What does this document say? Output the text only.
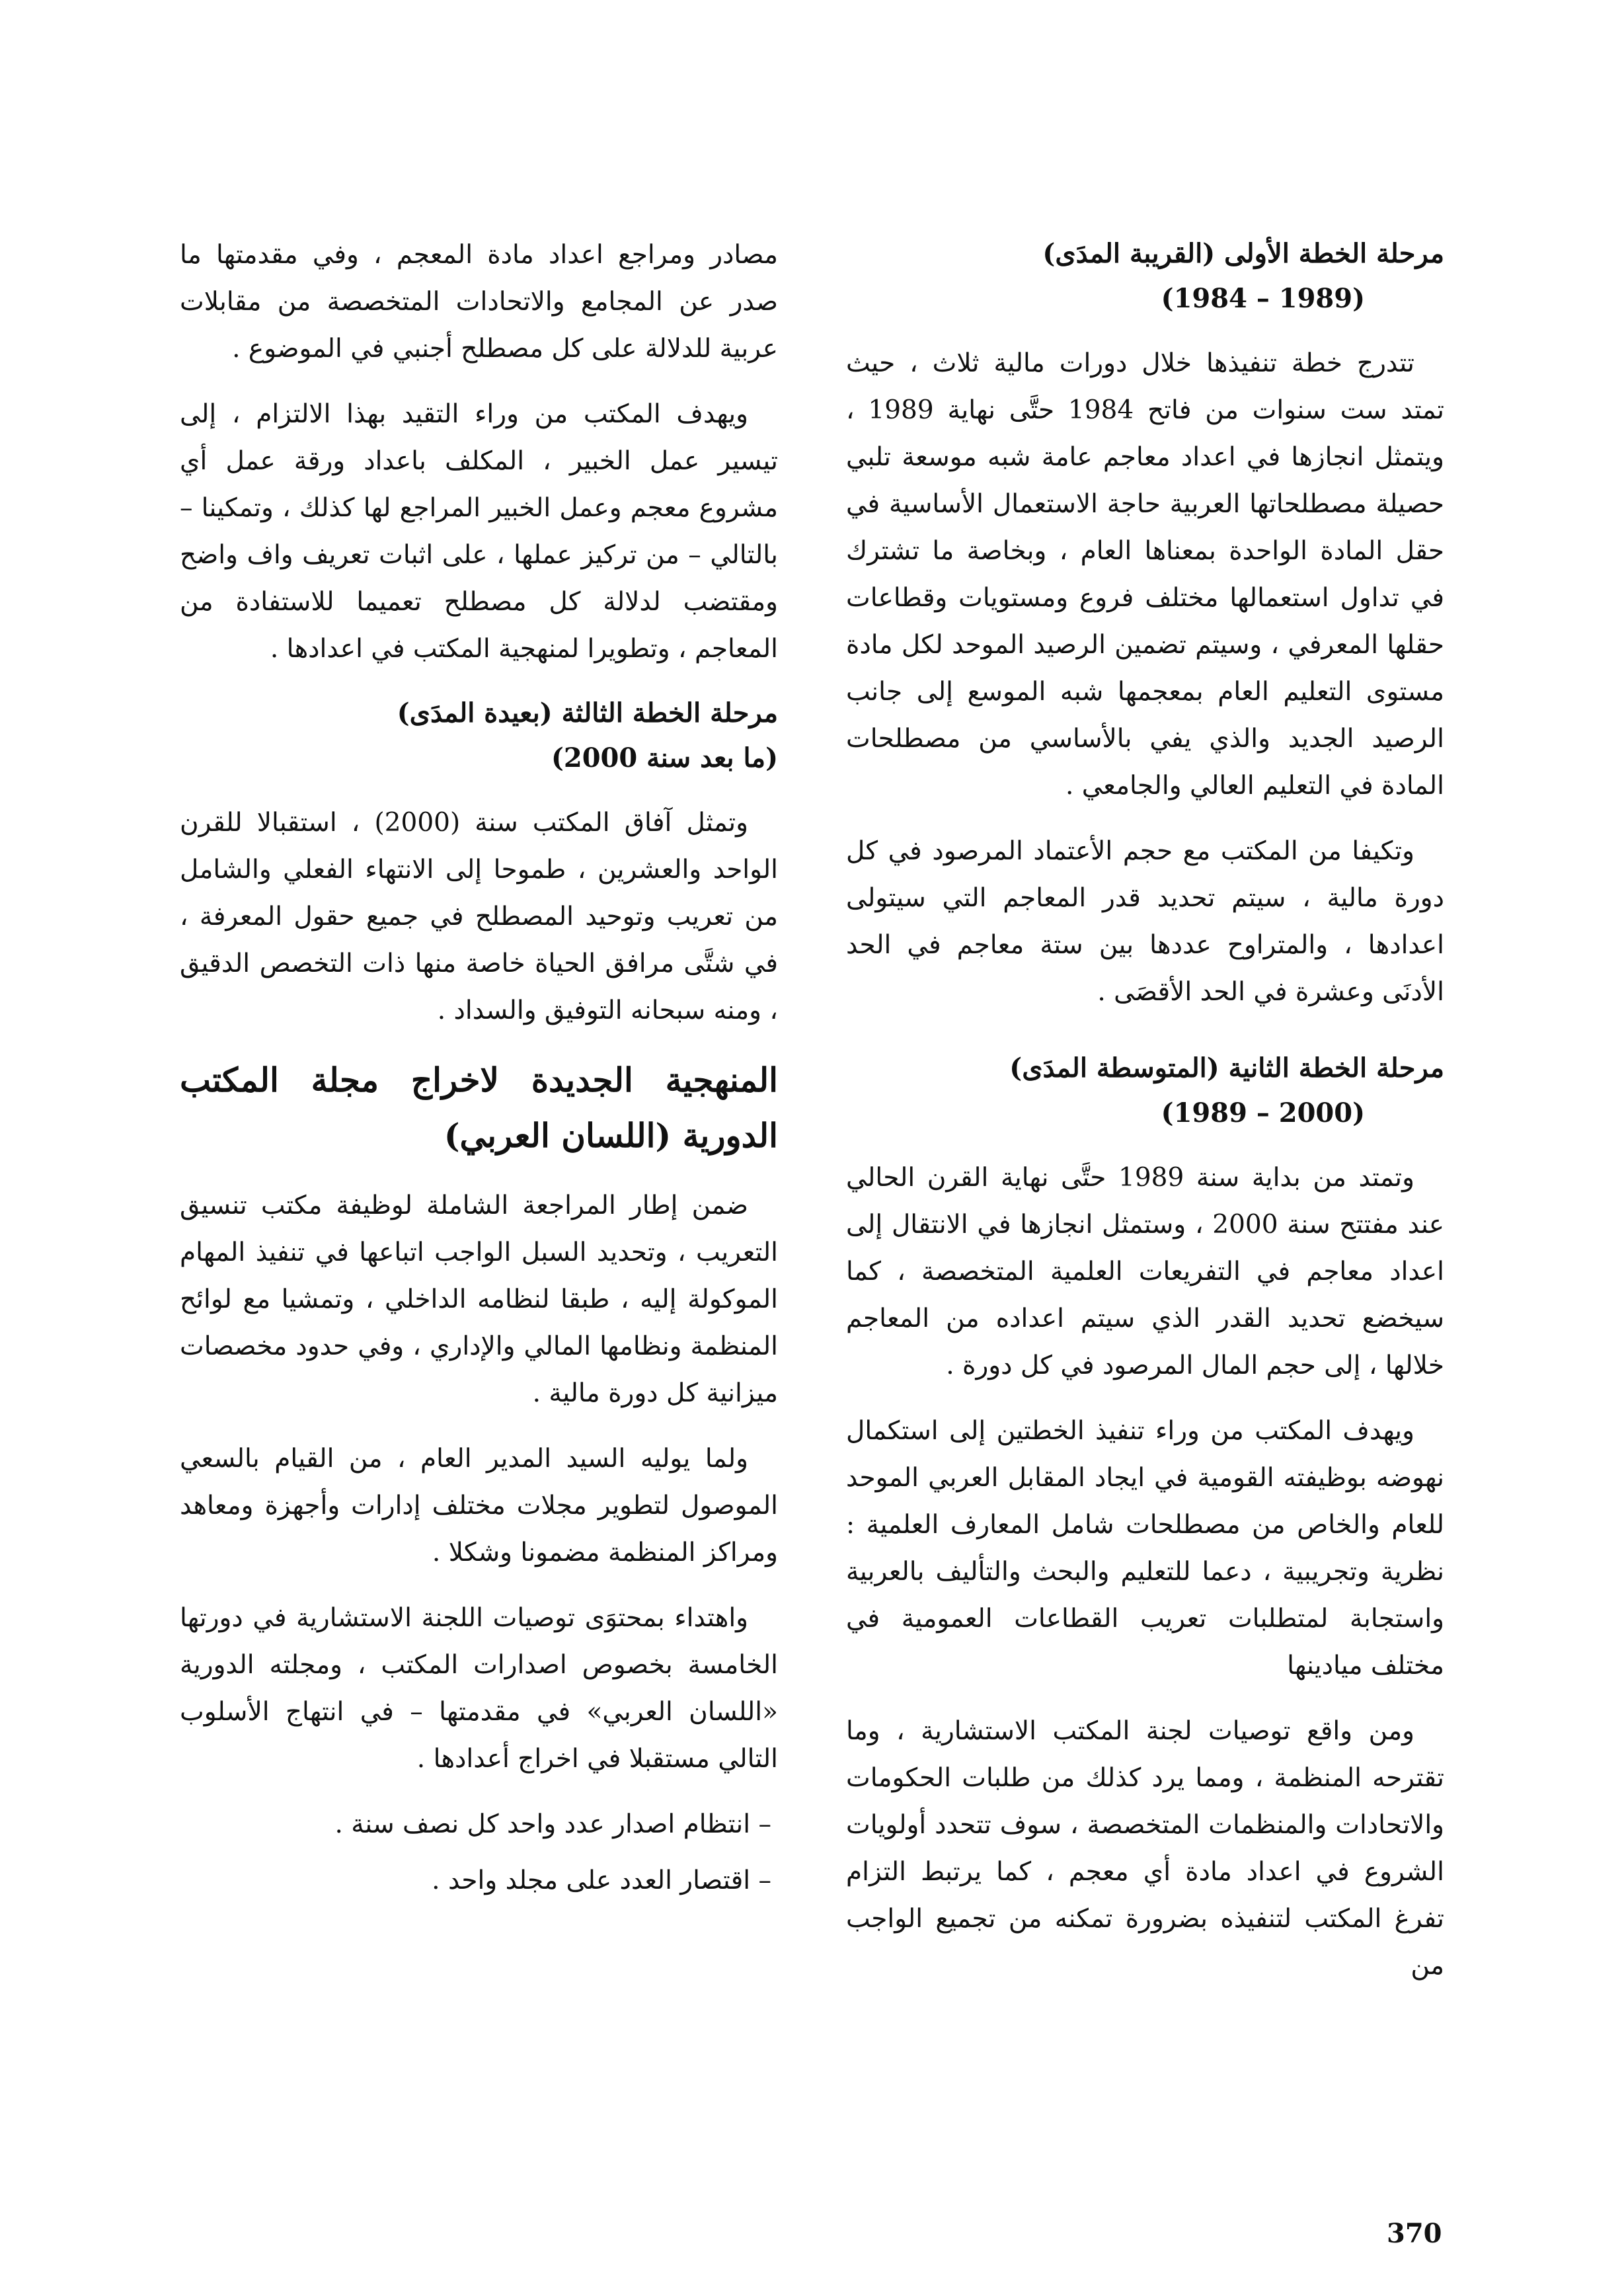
مرحلة الخطة الأولى (القريبة المدَى)
(1984 – 1989)

تتدرج خطة تنفيذها خلال دورات مالية ثلاث ، حيث تمتد ست سنوات من فاتح 1984 حتَّى نهاية 1989 ، ويتمثل انجازها في اعداد معاجم عامة شبه موسعة تلبي حصيلة مصطلحاتها العربية حاجة الاستعمال الأساسية في حقل المادة الواحدة بمعناها العام ، وبخاصة ما تشترك في تداول استعمالها مختلف فروع ومستويات وقطاعات حقلها المعرفي ، وسيتم تضمين الرصيد الموحد لكل مادة مستوى التعليم العام بمعجمها شبه الموسع إلى جانب الرصيد الجديد والذي يفي بالأساسي من مصطلحات المادة في التعليم العالي والجامعي .

وتكيفا من المكتب مع حجم الأعتماد المرصود في كل دورة مالية ، سيتم تحديد قدر المعاجم التي سيتولى اعدادها ، والمتراوح عددها بين ستة معاجم في الحد الأدنَى وعشرة في الحد الأقصَى .

مرحلة الخطة الثانية (المتوسطة المدَى)
(1989 – 2000)

وتمتد من بداية سنة 1989 حتَّى نهاية القرن الحالي عند مفتتح سنة 2000 ، وستمثل انجازها في الانتقال إلى اعداد معاجم في التفريعات العلمية المتخصصة ، كما سيخضع تحديد القدر الذي سيتم اعداده من المعاجم خلالها ، إلى حجم المال المرصود في كل دورة .

ويهدف المكتب من وراء تنفيذ الخطتين إلى استكمال نهوضه بوظيفته القومية في ايجاد المقابل العربي الموحد للعام والخاص من مصطلحات شامل المعارف العلمية : نظرية وتجريبية ، دعما للتعليم والبحث والتأليف بالعربية واستجابة لمتطلبات تعريب القطاعات العمومية في مختلف ميادينها

ومن واقع توصيات لجنة المكتب الاستشارية ، وما تقترحه المنظمة ، ومما يرد كذلك من طلبات الحكومات والاتحادات والمنظمات المتخصصة ، سوف تتحدد أولويات الشروع في اعداد مادة أي معجم ، كما يرتبط التزام تفرغ المكتب لتنفيذه بضرورة تمكنه من تجميع الواجب من

مصادر ومراجع اعداد مادة المعجم ، وفي مقدمتها ما صدر عن المجامع والاتحادات المتخصصة من مقابلات عربية للدلالة على كل مصطلح أجنبي في الموضوع .

ويهدف المكتب من وراء التقيد بهذا الالتزام ، إلى تيسير عمل الخبير ، المكلف باعداد ورقة عمل أي مشروع معجم وعمل الخبير المراجع لها كذلك ، وتمكينا – بالتالي – من تركيز عملها ، على اثبات تعريف واف واضح ومقتضب لدلالة كل مصطلح تعميما للاستفادة من المعاجم ، وتطويرا لمنهجية المكتب في اعدادها .

مرحلة الخطة الثالثة (بعيدة المدَى)
(ما بعد سنة 2000)

وتمثل آفاق المكتب سنة (2000) ، استقبالا للقرن الواحد والعشرين ، طموحا إلى الانتهاء الفعلي والشامل من تعريب وتوحيد المصطلح في جميع حقول المعرفة ، في شتَّى مرافق الحياة خاصة منها ذات التخصص الدقيق ، ومنه سبحانه التوفيق والسداد .

المنهجية الجديدة لاخراج مجلة المكتب الدورية (اللسان العربي)

ضمن إطار المراجعة الشاملة لوظيفة مكتب تنسيق التعريب ، وتحديد السبل الواجب اتباعها في تنفيذ المهام الموكولة إليه ، طبقا لنظامه الداخلي ، وتمشيا مع لوائح المنظمة ونظامها المالي والإداري ، وفي حدود مخصصات ميزانية كل دورة مالية .

ولما يوليه السيد المدير العام ، من القيام بالسعي الموصول لتطوير مجلات مختلف إدارات وأجهزة ومعاهد ومراكز المنظمة مضمونا وشكلا .

واهتداء بمحتوَى توصيات اللجنة الاستشارية في دورتها الخامسة بخصوص اصدارات المكتب ، ومجلته الدورية «اللسان العربي» في مقدمتها – في انتهاج الأسلوب التالي مستقبلا في اخراج أعدادها .

– انتظام اصدار عدد واحد كل نصف سنة .

– اقتصار العدد على مجلد واحد .

370
